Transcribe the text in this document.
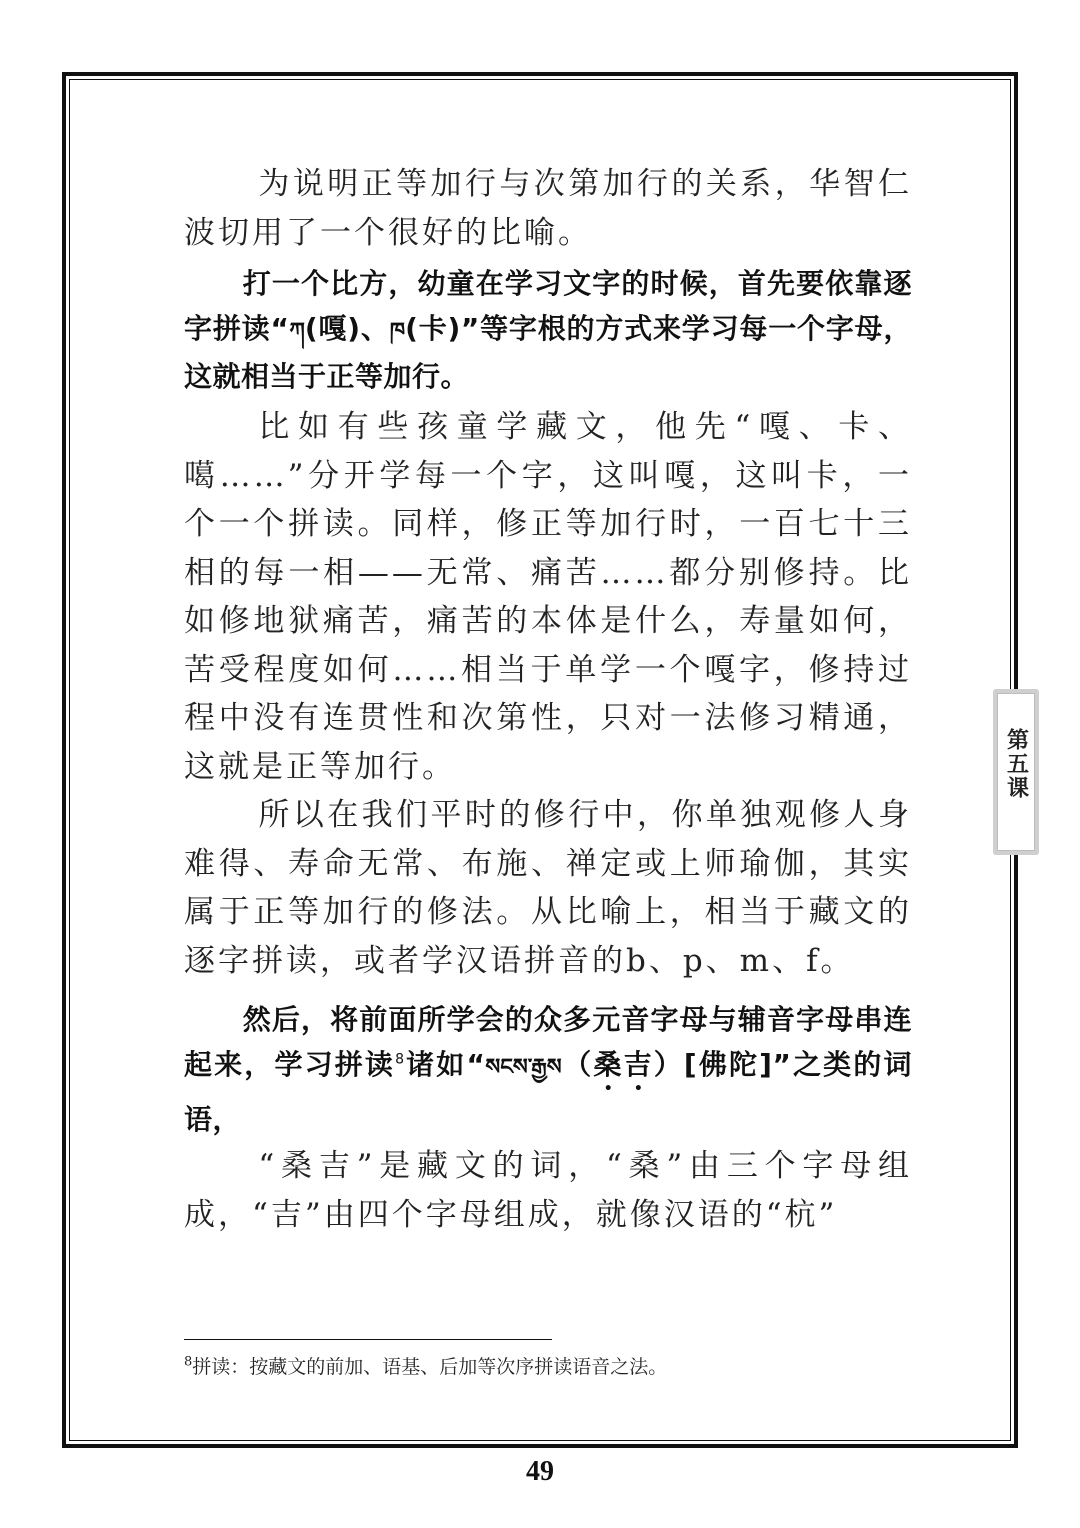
为说明正等加行与次第加行的关系，华智仁波切用了一个很好的比喻。

打一个比方，幼童在学习文字的时候，首先要依靠逐字拼读“ཀ(嘎)、ཁ(卡)”等字根的方式来学习每一个字母，这就相当于正等加行。

比如有些孩童学藏文，他先“嘎、卡、噶……”分开学每一个字，这叫嘎，这叫卡，一个一个拼读。同样，修正等加行时，一百七十三相的每一相——无常、痛苦……都分别修持。比如修地狱痛苦，痛苦的本体是什么，寿量如何，苦受程度如何……相当于单学一个嘎字，修持过程中没有连贯性和次第性，只对一法修习精通，这就是正等加行。

所以在我们平时的修行中，你单独观修人身难得、寿命无常、布施、禅定或上师瑜伽，其实属于正等加行的修法。从比喻上，相当于藏文的逐字拼读，或者学汉语拼音的b、p、m、f。

然后，将前面所学会的众多元音字母与辅音字母串连起来，学习拼读$^8$诸如“སངས་རྒྱས（桑吉）[佛陀]”之类的词语，

“桑吉”是藏文的词，“桑”由三个字母组成，“吉”由四个字母组成，就像汉语的“杭”

$^8$拼读：按藏文的前加、语基、后加等次序拼读语音之法。
第五课
49
